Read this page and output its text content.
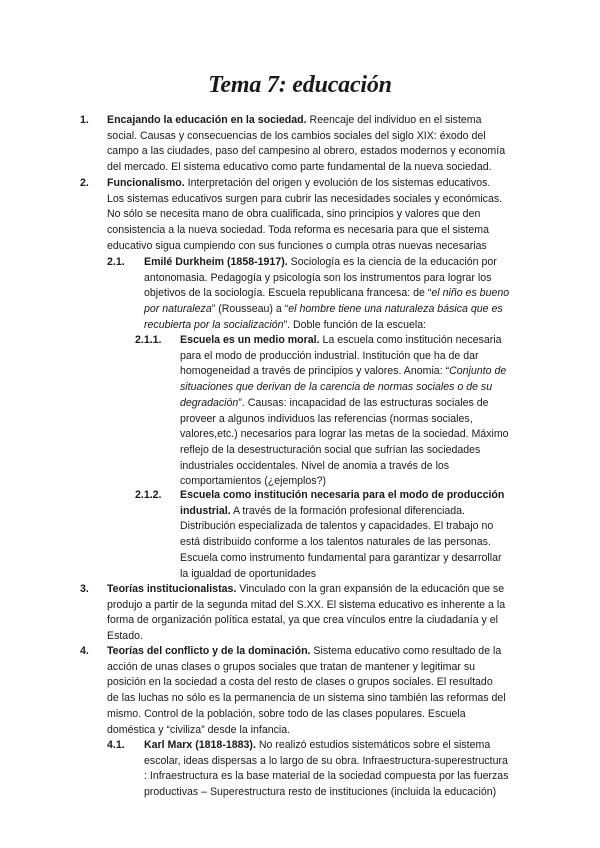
Tema 7: educación
1. Encajando la educación en la sociedad. Reencaje del individuo en el sistema
social. Causas y consecuencias de los cambios sociales del siglo XIX: éxodo del
campo a las ciudades, paso del campesino al obrero, estados modernos y economía
del mercado. El sistema educativo como parte fundamental de la nueva sociedad.
2. Funcionalismo. Interpretación del origen y evolución de los sistemas educativos.
Los sistemas educativos surgen para cubrir las necesidades sociales y económicas.
No sólo se necesita mano de obra cualificada, sino principios y valores que den
consistencia a la nueva sociedad. Toda reforma es necesaria para que el sistema
educativo sigua cumpiendo con sus funciones o cumpla otras nuevas necesarias
2.1. Emilé Durkheim (1858-1917). Sociología es la ciencia de la educación por
antonomasia. Pedagogía y psicología son los instrumentos para lograr los
objetivos de la sociología. Escuela republicana francesa: de “el niño es bueno
por naturaleza” (Rousseau) a “el hombre tiene una naturaleza básica que es
recubierta por la socialización”. Doble función de la escuela:
2.1.1. Escuela es un medio moral. La escuela como institución necesaria
para el modo de producción industrial. Institución que ha de dar
homogeneidad a través de principios y valores. Anomia: “Conjunto de
situaciones que derivan de la carencia de normas sociales o de su
degradación”. Causas: incapacidad de las estructuras sociales de
proveer a algunos individuos las referencias (normas sociales,
valores,etc.) necesarios para lograr las metas de la sociedad. Máximo
reflejo de la desestructuración social que sufrían las sociedades
industriales occidentales. Nivel de anomia a través de los
comportamientos (¿ejemplos?)
2.1.2. Escuela como institución necesaria para el modo de producción
industrial. A través de la formación profesional diferenciada.
Distribución especializada de talentos y capacidades. El trabajo no
está distribuido conforme a los talentos naturales de las personas.
Escuela como instrumento fundamental para garantizar y desarrollar
la igualdad de oportunidades
3. Teorías institucionalistas. Vinculado con la gran expansión de la educación que se
produjo a partir de la segunda mitad del S.XX. El sistema educativo es inherente a la
forma de organización política estatal, ya que crea vínculos entre la ciudadanía y el
Estado.
4. Teorías del conflicto y de la dominación. Sistema educativo como resultado de la
acción de unas clases o grupos sociales que tratan de mantener y legitimar su
posición en la sociedad a costa del resto de clases o grupos sociales. El resultado
de las luchas no sólo es la permanencia de un sistema sino también las reformas del
mismo. Control de la población, sobre todo de las clases populares. Escuela
doméstica y “civiliza” desde la infancia.
4.1. Karl Marx (1818-1883). No realizó estudios sistemáticos sobre el sistema
escolar, ideas dispersas a lo largo de su obra. Infraestructura-superestructura
: Infraestructura es la base material de la sociedad compuesta por las fuerzas
productivas – Superestructura resto de instituciones (incluida la educación)
